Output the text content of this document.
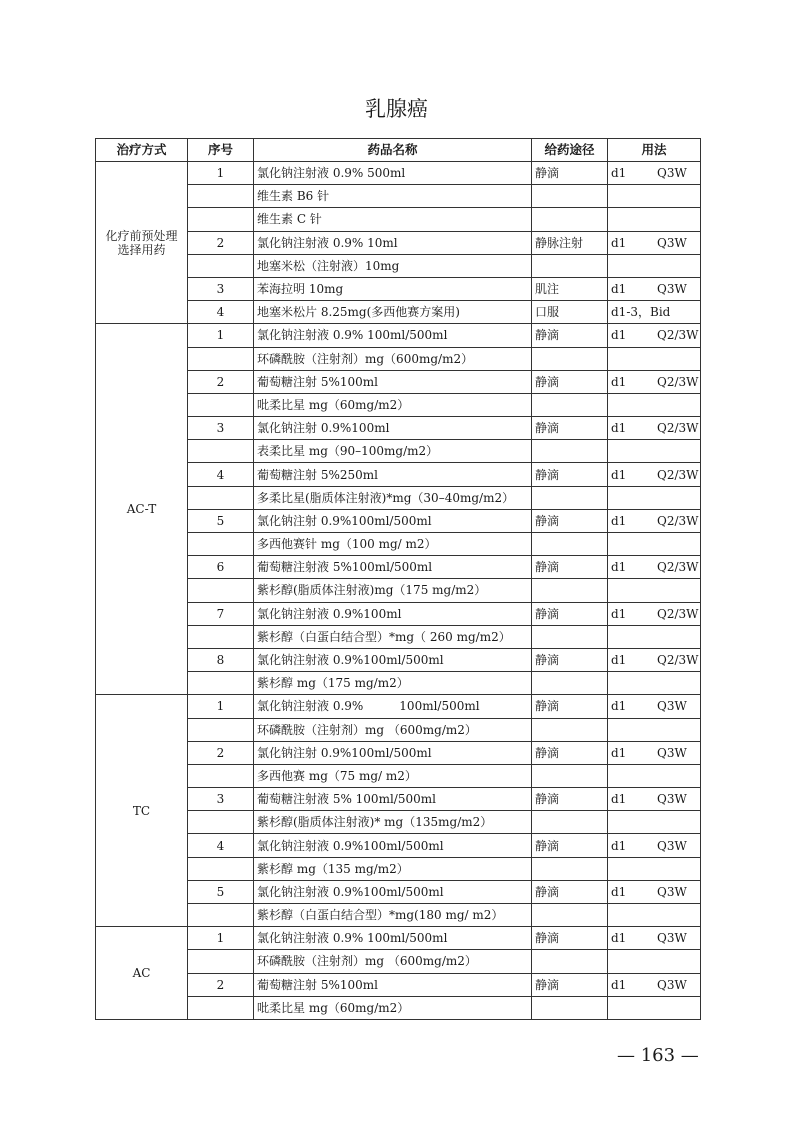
乳腺癌
治疗方式	序号	药品名称	给药途径	用法
化疗前预处理选择用药	1	氯化钠注射液 0.9% 500ml	静滴	d1 Q3W
		维生素 B6 针		
		维生素 C 针		
	2	氯化钠注射液 0.9% 10ml	静脉注射	d1 Q3W
		地塞米松（注射液）10mg		
	3	苯海拉明 10mg	肌注	d1 Q3W
	4	地塞米松片 8.25mg(多西他赛方案用)	口服	d1-3，Bid
AC-T	1	氯化钠注射液 0.9% 100ml/500ml	静滴	d1 Q2/3W
		环磷酰胺（注射剂）mg（600mg/m2）		
	2	葡萄糖注射 5%100ml	静滴	d1 Q2/3W
		吡柔比星 mg（60mg/m2）		
	3	氯化钠注射 0.9%100ml	静滴	d1 Q2/3W
		表柔比星 mg（90–100mg/m2）		
	4	葡萄糖注射 5%250ml	静滴	d1 Q2/3W
		多柔比星(脂质体注射液)*mg（30–40mg/m2）		
	5	氯化钠注射 0.9%100ml/500ml	静滴	d1 Q2/3W
		多西他赛针 mg（100 mg/ m2）		
	6	葡萄糖注射液 5%100ml/500ml	静滴	d1 Q2/3W
		紫杉醇(脂质体注射液)mg（175 mg/m2）		
	7	氯化钠注射液 0.9%100ml	静滴	d1 Q2/3W
		紫杉醇（白蛋白结合型）*mg（ 260 mg/m2）		
	8	氯化钠注射液 0.9%100ml/500ml	静滴	d1 Q2/3W
		紫杉醇 mg（175 mg/m2）		
TC	1	氯化钠注射液 0.9%　　　100ml/500ml	静滴	d1 Q3W
		环磷酰胺（注射剂）mg （600mg/m2）		
	2	氯化钠注射 0.9%100ml/500ml	静滴	d1 Q3W
		多西他赛 mg（75 mg/ m2）		
	3	葡萄糖注射液 5% 100ml/500ml	静滴	d1 Q3W
		紫杉醇(脂质体注射液)* mg（135mg/m2）		
	4	氯化钠注射液 0.9%100ml/500ml	静滴	d1 Q3W
		紫杉醇 mg（135 mg/m2）		
	5	氯化钠注射液 0.9%100ml/500ml	静滴	d1 Q3W
		紫杉醇（白蛋白结合型）*mg(180 mg/ m2）		
AC	1	氯化钠注射液 0.9% 100ml/500ml	静滴	d1 Q3W
		环磷酰胺（注射剂）mg （600mg/m2）		
	2	葡萄糖注射 5%100ml	静滴	d1 Q3W
		吡柔比星 mg（60mg/m2）		
— 163 —
